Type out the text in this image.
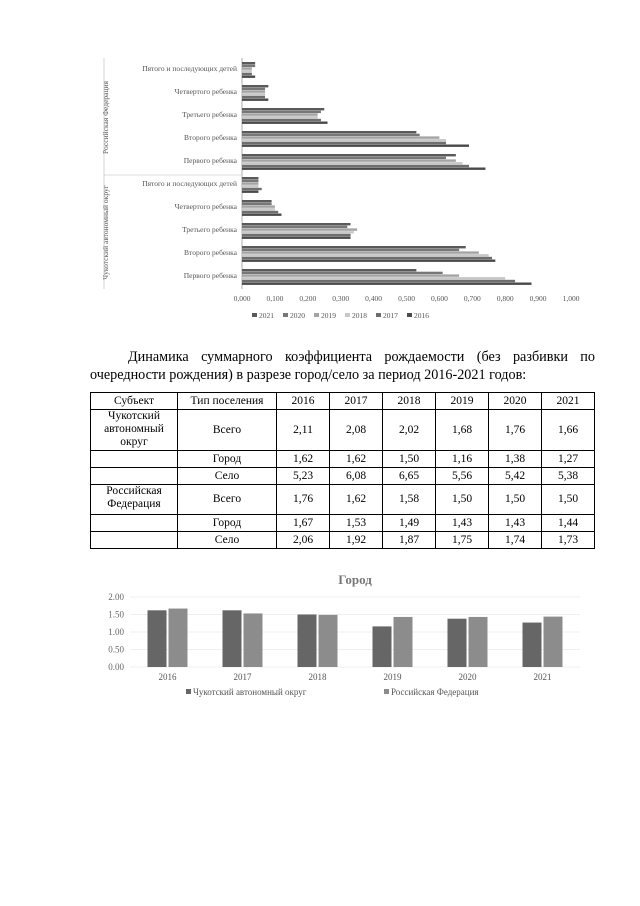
Пятого и последующих детей
Четвертого ребенка
Третьего ребенка
Второго ребенка
Первого ребенка
Пятого и последующих детей
Четвертого ребенка
Третьего ребенка
Второго ребенка
Первого ребенка
Российская Федерация
Чукотский автономный округ
0,000 0,100 0,200 0,300 0,400 0,500 0,600 0,700 0,800 0,900 1,000
2021 2020 2019 2018 2017 2016
Динамика суммарного коэффициента рождаемости (без разбивки по очередности рождения) в разрезе город/село за период 2016-2021 годов:
Субъект	Тип поселения	2016	2017	2018	2019	2020	2021
Чукотский автономный округ	Всего	2,11	2,08	2,02	1,68	1,76	1,66
	Город	1,62	1,62	1,50	1,16	1,38	1,27
	Село	5,23	6,08	6,65	5,56	5,42	5,38
Российская Федерация	Всего	1,76	1,62	1,58	1,50	1,50	1,50
	Город	1,67	1,53	1,49	1,43	1,43	1,44
	Село	2,06	1,92	1,87	1,75	1,74	1,73
Город
0.00
0.50
1.00
1.50
2.00
2016	2017	2018	2019	2020	2021
Чукотский автономный округ	Российская Федерация
